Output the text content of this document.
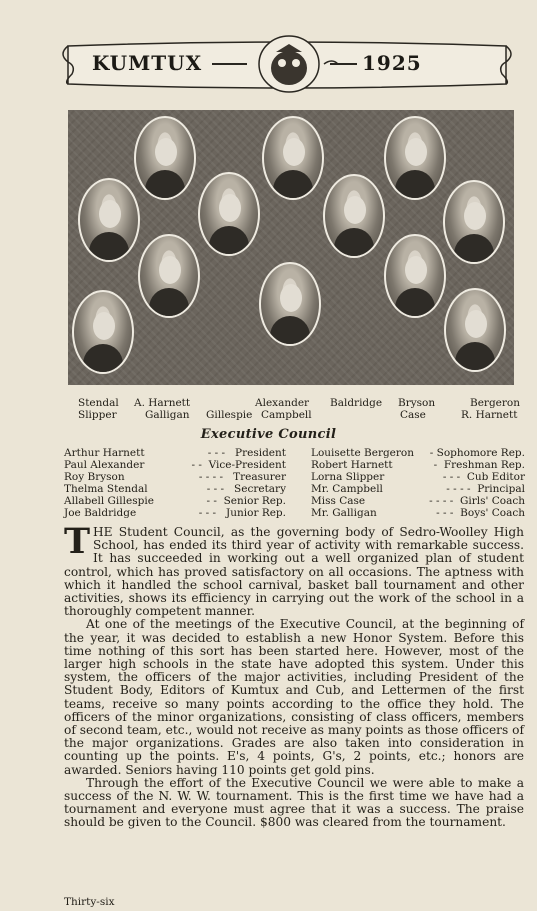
KUMTUX	1925
Stendal A. Harnett	Alexander Baldridge Bryson	Bergeron
Slipper	Galligan Gillespie Campbell	Case	R. Harnett
Executive Council
Arthur Harnett	- - - President
Paul Alexander	- - Vice-President
Roy Bryson	- - - - Treasurer
Thelma Stendal	- - - Secretary
Allabell Gillespie	- - Senior Rep.
Joe Baldridge	- - - Junior Rep.
Louisette Bergeron - Sophomore Rep.
Robert Harnett	- Freshman Rep.
Lorna Slipper	- - - Cub Editor
Mr. Campbell	- - - - Principal
Miss Case	- - - - Girls' Coach
Mr. Galligan	- - - Boys' Coach

THE Student Council, as the governing body of Sedro-Woolley High School, has ended its third year of activity with remarkable success. It has succeeded in working out a well organized plan of student control, which has proved satisfactory on all occasions. The aptness with which it handled the school carnival, basket ball tournament and other activities, shows its efficiency in carrying out the work of the school in a thoroughly competent manner.

At one of the meetings of the Executive Council, at the beginning of the year, it was decided to establish a new Honor System. Before this time nothing of this sort has been started here. However, most of the larger high schools in the state have adopted this system. Under this system, the officers of the major activities, including President of the Student Body, Editors of Kumtux and Cub, and Lettermen of the first teams, receive so many points according to the office they hold. The officers of the minor organizations, consisting of class officers, members of second team, etc., would not receive as many points as those officers of the major organizations. Grades are also taken into consideration in counting up the points. E's, 4 points, G's, 2 points, etc.; honors are awarded. Seniors having 110 points get gold pins.

Through the effort of the Executive Council we were able to make a success of the N. W. W. tournament. This is the first time we have had a tournament and everyone must agree that it was a success. The praise should be given to the Council. $800 was cleared from the tournament.

Thirty-six
